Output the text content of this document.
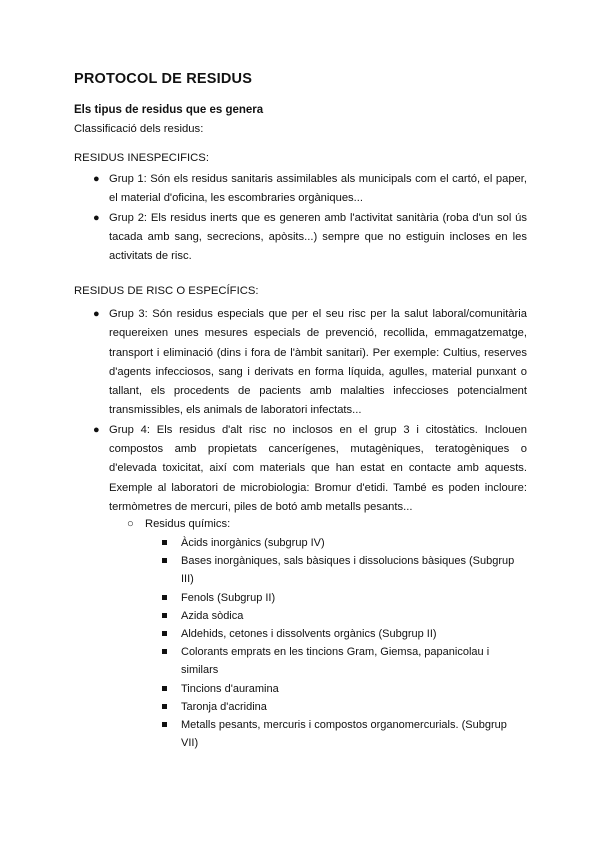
PROTOCOL DE RESIDUS

Els tipus de residus que es genera

Classificació dels residus:

RESIDUS INESPECIFICS:

● Grup 1: Són els residus sanitaris assimilables als municipals com el cartó, el paper, el material d'oficina, les escombraries orgàniques...
● Grup 2: Els residus inerts que es generen amb l'activitat sanitària (roba d'un sol ús tacada amb sang, secrecions, apòsits...) sempre que no estiguin incloses en les activitats de risc.

RESIDUS DE RISC O ESPECÍFICS:

● Grup 3: Són residus especials que per el seu risc per la salut laboral/comunitària requereixen unes mesures especials de prevenció, recollida, emmagatzematge, transport i eliminació (dins i fora de l'àmbit sanitari). Per exemple: Cultius, reserves d'agents infecciosos, sang i derivats en forma líquida, agulles, material punxant o tallant, els procedents de pacients amb malalties infeccioses potencialment transmissibles, els animals de laboratori infectats...
● Grup 4: Els residus d'alt risc no inclosos en el grup 3 i citostàtics. Inclouen compostos amb propietats cancerígenes, mutagèniques, teratogèniques o d'elevada toxicitat, així com materials que han estat en contacte amb aquests. Exemple al laboratori de microbiologia: Bromur d'etidi. També es poden incloure: termòmetres de mercuri, piles de botó amb metalls pesants...
○ Residus químics:
Àcids inorgànics (subgrup IV)
Bases inorgàniques, sals bàsiques i dissolucions bàsiques (Subgrup III)
Fenols (Subgrup II)
Azida sòdica
Aldehids, cetones i dissolvents orgànics (Subgrup II)
Colorants emprats en les tincions Gram, Giemsa, papanicolau i similars
Tincions d'auramina
Taronja d'acridina
Metalls pesants, mercuris i compostos organomercurials. (Subgrup VII)
